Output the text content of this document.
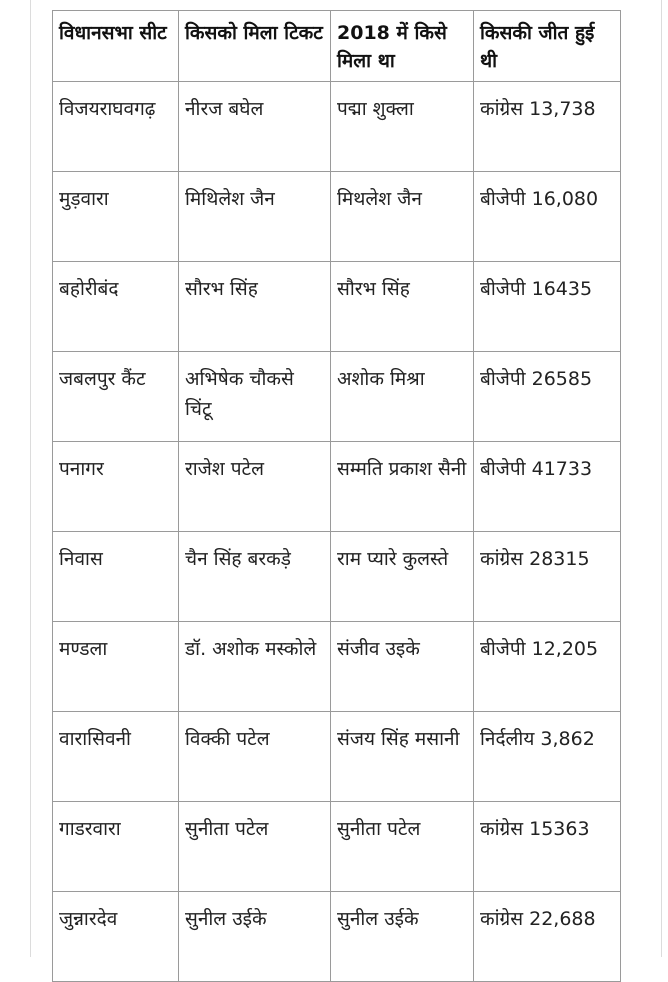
विधानसभा सीट	किसको मिला टिकट	2018 में किसे मिला था	किसकी जीत हुई थी
विजयराघवगढ़	नीरज बघेल	पद्मा शुक्ला	कांग्रेस 13,738
मुड़वारा	मिथिलेश जैन	मिथलेश जैन	बीजेपी 16,080
बहोरीबंद	सौरभ सिंह	सौरभ सिंह	बीजेपी 16435
जबलपुर कैंट	अभिषेक चौकसे चिंटू	अशोक मिश्रा	बीजेपी 26585
पनागर	राजेश पटेल	सम्मति प्रकाश सैनी	बीजेपी 41733
निवास	चैन सिंह बरकड़े	राम प्यारे कुलस्ते	कांग्रेस 28315
मण्डला	डॉ. अशोक मस्कोले	संजीव उइके	बीजेपी 12,205
वारासिवनी	विक्की पटेल	संजय सिंह मसानी	निर्दलीय 3,862
गाडरवारा	सुनीता पटेल	सुनीता पटेल	कांग्रेस 15363
जुन्नारदेव	सुनील उईके	सुनील उईके	कांग्रेस 22,688
